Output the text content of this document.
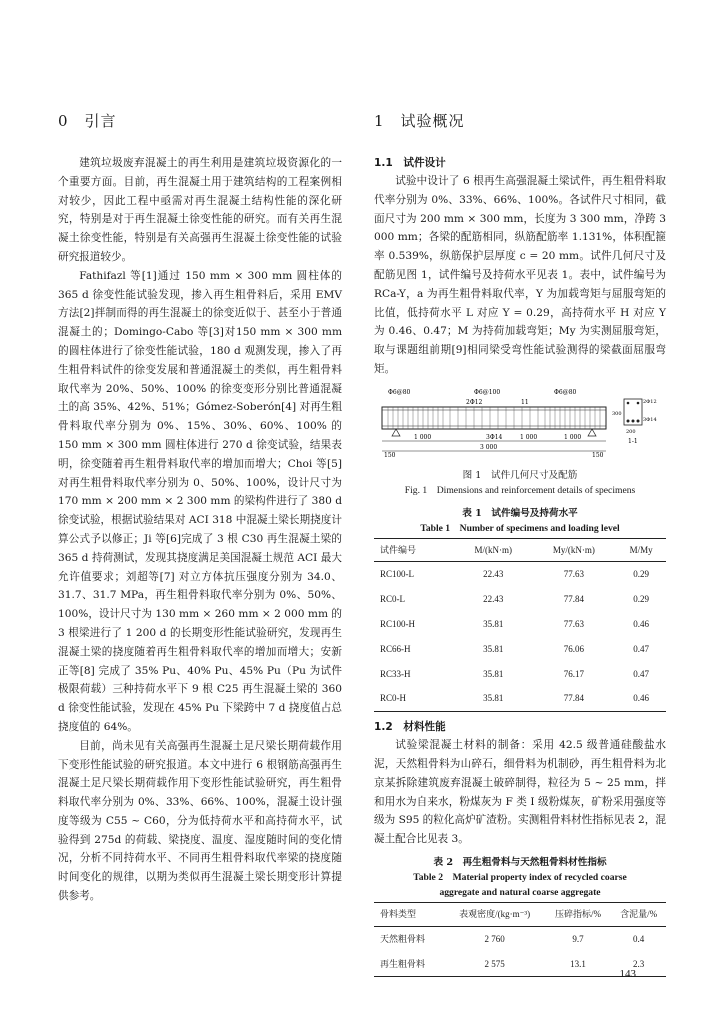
0　引言

建筑垃圾废弃混凝土的再生利用是建筑垃圾资源化的一个重要方面。目前，再生混凝土用于建筑结构的工程案例相对较少，因此工程中亟需对再生混凝土结构性能的深化研究，特别是对于再生混凝土徐变性能的研究。而有关再生混凝土徐变性能，特别是有关高强再生混凝土徐变性能的试验研究报道较少。

Fathifazl 等[1]通过 150 mm × 300 mm 圆柱体的 365 d 徐变性能试验发现，掺入再生粗骨料后，采用 EMV 方法[2]拌制而得的再生混凝土的徐变近似于、甚至小于普通混凝土的；Domingo-Cabo 等[3]对150 mm × 300 mm 的圆柱体进行了徐变性能试验，180 d 观测发现，掺入了再生粗骨料试件的徐变发展和普通混凝土的类似，再生粗骨料取代率为 20%、50%、100% 的徐变变形分别比普通混凝土的高 35%、42%、51%；Gómez-Soberón[4] 对再生粗骨料取代率分别为 0%、15%、30%、60%、100% 的 150 mm × 300 mm 圆柱体进行 270 d 徐变试验，结果表明，徐变随着再生粗骨料取代率的增加而增大；Choi 等[5] 对再生粗骨料取代率分别为 0、50%、100%，设计尺寸为 170 mm × 200 mm × 2 300 mm 的梁构件进行了 380 d 徐变试验，根据试验结果对 ACI 318 中混凝土梁长期挠度计算公式予以修正；Ji 等[6]完成了 3 根 C30 再生混凝土梁的 365 d 持荷测试，发现其挠度满足美国混凝土规范 ACI 最大允许值要求；刘超等[7] 对立方体抗压强度分别为 34.0、31.7、31.7 MPa，再生粗骨料取代率分别为 0%、50%、100%，设计尺寸为 130 mm × 260 mm × 2 000 mm 的 3 根梁进行了 1 200 d 的长期变形性能试验研究，发现再生混凝土梁的挠度随着再生粗骨料取代率的增加而增大；安新正等[8] 完成了 35% Pu、40% Pu、45% Pu（Pu 为试件极限荷载）三种持荷水平下 9 根 C25 再生混凝土梁的 360 d 徐变性能试验，发现在 45% Pu 下梁跨中 7 d 挠度值占总挠度值的 64%。

目前，尚未见有关高强再生混凝土足尺梁长期荷载作用下变形性能试验的研究报道。本文中进行 6 根钢筋高强再生混凝土足尺梁长期荷载作用下变形性能试验研究，再生粗骨料取代率分别为 0%、33%、66%、100%，混凝土设计强度等级为 C55 ~ C60，分为低持荷水平和高持荷水平，试验得到 275d 的荷载、梁挠度、温度、湿度随时间的变化情况，分析不同持荷水平、不同再生粗骨料取代率梁的挠度随时间变化的规律，以期为类似再生混凝土梁长期变形计算提供参考。

1　试验概况
1.1　试件设计

试验中设计了 6 根再生高强混凝土梁试件，再生粗骨料取代率分别为 0%、33%、66%、100%。各试件尺寸相同，截面尺寸为 200 mm × 300 mm，长度为 3 300 mm，净跨 3 000 mm；各梁的配筋相同，纵筋配筋率 1.131%，体积配箍率 0.539%，纵筋保护层厚度 c = 20 mm。试件几何尺寸及配筋见图 1，试件编号及持荷水平见表 1。表中，试件编号为 RCa-Y，a 为再生粗骨料取代率，Y 为加载弯矩与屈服弯矩的比值，低持荷水平 L 对应 Y = 0.29，高持荷水平 H 对应 Y 为 0.46、0.47；M 为持荷加载弯矩；My 为实测屈服弯矩，取与课题组前期[9]相同梁受弯性能试验测得的梁截面屈服弯矩。

Φ6@80	Φ6@100	Φ6@80
2Φ12	11
1 000	3Φ14	1 000	1 000
3 000
150	150
2Φ12
3Φ14
200
300
1-1

图 1　试件几何尺寸及配筋

Fig. 1　Dimensions and reinforcement details of specimens

表 1　试件编号及持荷水平

Table 1　Number of specimens and loading level

试件编号	M/(kN·m)	My/(kN·m)	M/My
RC100-L	22.43	77.63	0.29
RC0-L	22.43	77.84	0.29
RC100-H	35.81	77.63	0.46
RC66-H	35.81	76.06	0.47
RC33-H	35.81	76.17	0.47
RC0-H	35.81	77.84	0.46
1.2　材料性能

试验梁混凝土材料的制备：采用 42.5 级普通硅酸盐水泥，天然粗骨料为山碎石，细骨料为机制砂，再生粗骨料为北京某拆除建筑废弃混凝土破碎制得，粒径为 5 ~ 25 mm，拌和用水为自来水，粉煤灰为 F 类 I 级粉煤灰，矿粉采用强度等级为 S95 的粒化高炉矿渣粉。实测粗骨料材性指标见表 2，混凝土配合比见表 3。

表 2　再生粗骨料与天然粗骨料材性指标

Table 2　Material property index of recycled coarse

aggregate and natural coarse aggregate

骨料类型	表观密度/(kg·m⁻³)	压碎指标/%	含泥量/%
天然粗骨料	2 760	9.7	0.4
再生粗骨料	2 575	13.1	2.3
143
